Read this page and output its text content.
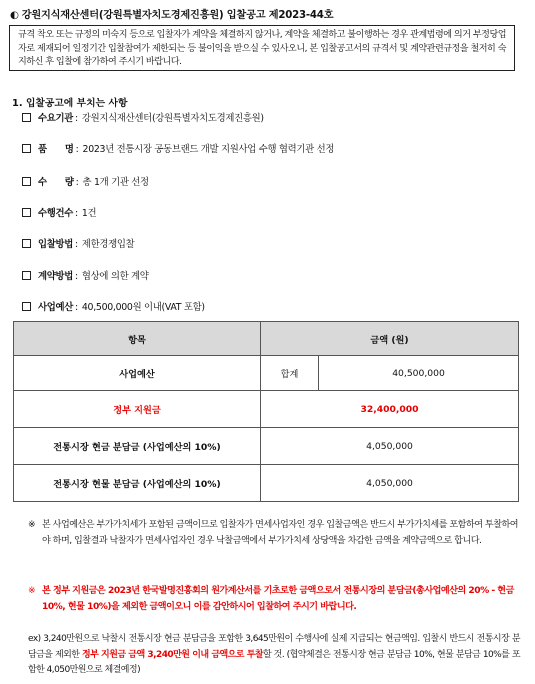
◐ 강원지식재산센터(강원특별자치도경제진흥원) 입찰공고 제2023-44호
규격 착오 또는 규정의 미숙지 등으로 입찰자가 계약을 체결하지 않거나, 계약을 체결하고 불이행하는 경우 관계법령에 의거 부정당업자로 제재되어 일정기간 입찰참여가 제한되는 등 불이익을 받으실 수 있사오니, 본 입찰공고서의 규격서 및 계약관련규정을 철저히 숙지하신 후 입찰에 참가하여 주시기 바랍니다.
1. 입찰공고에 부치는 사항
수요기관 : 강원지식재산센터(강원특별자치도경제진흥원)
품　　명 : 2023년 전통시장 공동브랜드 개발 지원사업 수행 협력기관 선정
수　　량 : 총 1개 기관 선정
수행건수 : 1건
입찰방법 : 제한경쟁입찰
계약방법 : 협상에 의한 계약
사업예산 : 40,500,000원 이내(VAT 포함)
항목	금액 (원)	
사업예산	합계	40,500,000
정부 지원금	32,400,000	
전통시장 현금 분담금 (사업예산의 10%)	4,050,000	
전통시장 현물 분담금 (사업예산의 10%)	4,050,000	
※ 본 사업예산은 부가가치세가 포함된 금액이므로 입찰자가 면세사업자인 경우 입찰금액은 반드시 부가가치세를 포함하여 투찰하여야 하며, 입찰결과 낙찰자가 면세사업자인 경우 낙찰금액에서 부가가치세 상당액을 차감한 금액을 계약금액으로 합니다.
※ 본 정부 지원금은 2023년 한국발명진흥회의 원가계산서를 기초로한 금액으로서 전통시장의 분담금(총사업예산의 20% - 현금 10%, 현물 10%)을 제외한 금액이오니 이를 감안하시어 입찰하여 주시기 바랍니다.
ex) 3,240만원으로 낙찰시 전통시장 현금 분담금을 포함한 3,645만원이 수행사에 실제 지급되는 현금액임. 입찰시 반드시 전통시장 분담금을 제외한 정부 지원금 금액 3,240만원 이내 금액으로 투찰할 것. (협약체결은 전통시장 현금 분담금 10%, 현물 분담금 10%를 포함한 4,050만원으로 체결예정)
